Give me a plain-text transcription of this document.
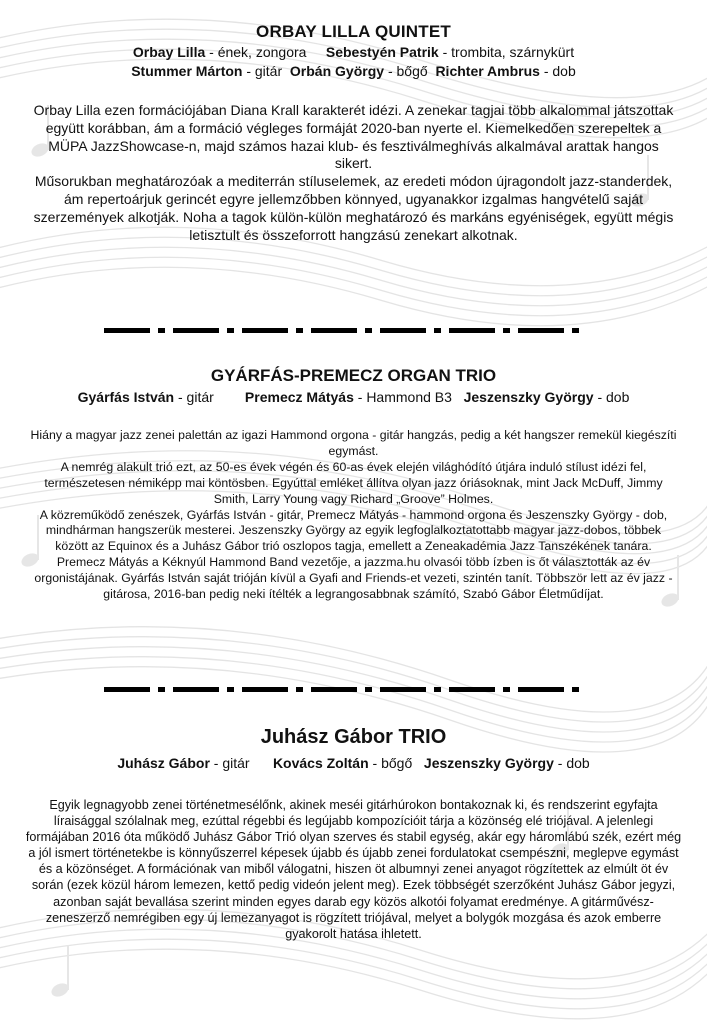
ORBAY LILLA QUINTET
Orbay Lilla - ének, zongora Sebestyén Patrik - trombita, szárnykürt
Stummer Márton - gitár Orbán György - bőgő Richter Ambrus - dob

Orbay Lilla ezen formációjában Diana Krall karakterét idézi. A zenekar tagjai több alkalommal játszottak együtt korábban, ám a formáció végleges formáját 2020-ban nyerte el. Kiemelkedően szerepeltek a MÜPA JazzShowcase-n, majd számos hazai klub- és fesztiválmeghívás alkalmával arattak hangos sikert.

Műsorukban meghatározóak a mediterrán stíluselemek, az eredeti módon újragondolt jazz-standerdek, ám repertoárjuk gerincét egyre jellemzőbben könnyed, ugyanakkor izgalmas hangvételű saját szerzemények alkotják. Noha a tagok külön-külön meghatározó és markáns egyéniségek, együtt mégis letisztult és összeforrott hangzású zenekart alkotnak.

GYÁRFÁS-PREMECZ ORGAN TRIO
Gyárfás István - gitár Premecz Mátyás - Hammond B3 Jeszenszky György - dob

Hiány a magyar jazz zenei palettán az igazi Hammond orgona - gitár hangzás, pedig a két hangszer remekül kiegészíti egymást.

A nemrég alakult trió ezt, az 50-es évek végén és 60-as évek elején világhódító útjára induló stílust idézi fel, természetesen némiképp mai köntösben. Egyúttal emléket állítva olyan jazz óriásoknak, mint Jack McDuff, Jimmy Smith, Larry Young vagy Richard „Groove” Holmes.

A közreműködő zenészek, Gyárfás István - gitár, Premecz Mátyás - hammond orgona és Jeszenszky György - dob, mindhárman hangszerük mesterei. Jeszenszky György az egyik legfoglalkoztatottabb magyar jazz-dobos, többek között az Equinox és a Juhász Gábor trió oszlopos tagja, emellett a Zeneakadémia Jazz Tanszékének tanára. Premecz Mátyás a Kéknyúl Hammond Band vezetője, a jazzma.hu olvasói több ízben is őt választották az év orgonistájának. Gyárfás István saját trióján kívül a Gyafi and Friends-et vezeti, szintén tanít. Többször lett az év jazz - gitárosa, 2016-ban pedig neki ítélték a legrangosabbnak számító, Szabó Gábor Életműdíjat.

Juhász Gábor TRIO
Juhász Gábor - gitár Kovács Zoltán - bőgő Jeszenszky György - dob

Egyik legnagyobb zenei történetmesélőnk, akinek meséi gitárhúrokon bontakoznak ki, és rendszerint egyfajta líraisággal szólalnak meg, ezúttal régebbi és legújabb kompozícióit tárja a közönség elé triójával. A jelenlegi formájában 2016 óta működő Juhász Gábor Trió olyan szerves és stabil egység, akár egy háromlábú szék, ezért még a jól ismert történetekbe is könnyűszerrel képesek újabb és újabb zenei fordulatokat csempészni, meglepve egymást és a közönséget. A formációnak van miből válogatni, hiszen öt albumnyi zenei anyagot rögzítettek az elmúlt öt év során (ezek közül három lemezen, kettő pedig videón jelent meg). Ezek többségét szerzőként Juhász Gábor jegyzi, azonban saját bevallása szerint minden egyes darab egy közös alkotói folyamat eredménye. A gitárművész-zeneszerző nemrégiben egy új lemezanyagot is rögzített triójával, melyet a bolygók mozgása és azok emberre gyakorolt hatása ihletett.
